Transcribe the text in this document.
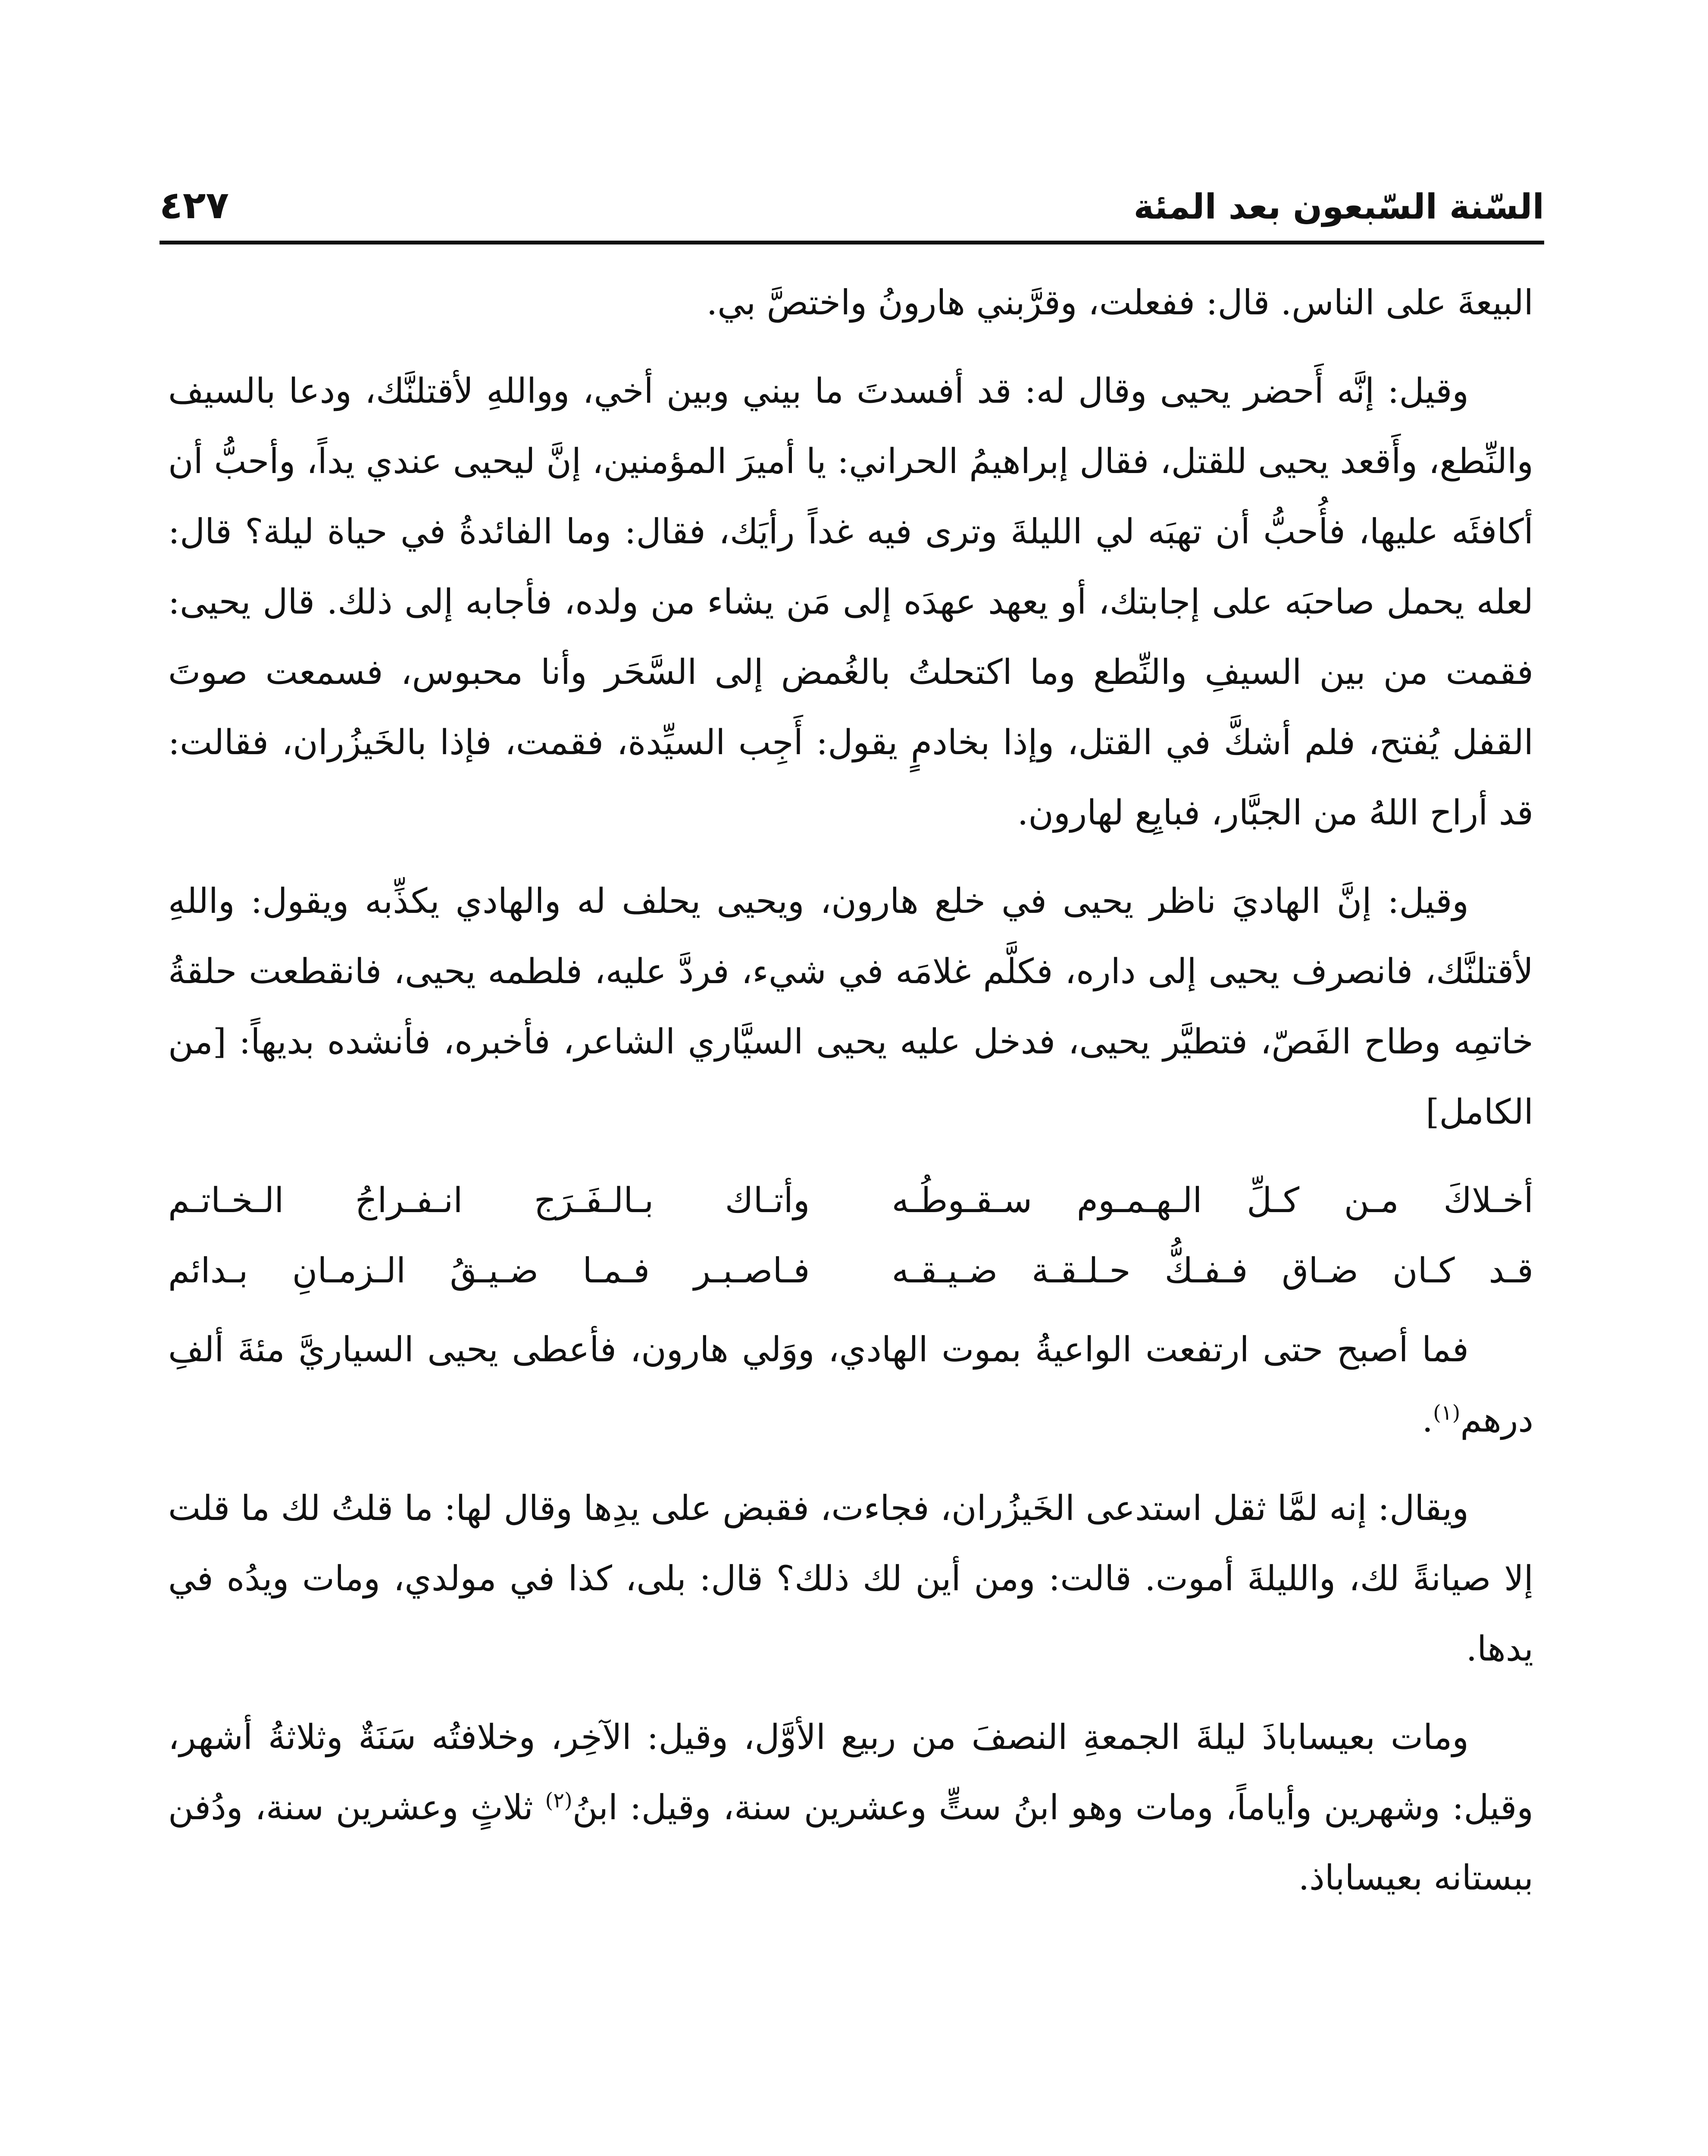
السّنة السّبعون بعد المئة
٤٢٧

البيعةَ على الناس. قال: ففعلت، وقرَّبني هارونُ واختصَّ بي.

وقيل: إنَّه أَحضر يحيى وقال له: قد أفسدتَ ما بيني وبين أخي، وواللهِ لأقتلنَّك، ودعا بالسيف والنِّطع، وأَقعد يحيى للقتل، فقال إبراهيمُ الحراني: يا أميرَ المؤمنين، إنَّ ليحيى عندي يداً، وأحبُّ أن أكافئَه عليها، فأُحبُّ أن تهبَه لي الليلةَ وترى فيه غداً رأيَك، فقال: وما الفائدةُ في حياة ليلة؟ قال: لعله يحمل صاحبَه على إجابتك، أو يعهد عهدَه إلى مَن يشاء من ولده، فأجابه إلى ذلك. قال يحيى: فقمت من بين السيفِ والنِّطع وما اكتحلتُ بالغُمض إلى السَّحَر وأنا محبوس، فسمعت صوتَ القفل يُفتح، فلم أشكَّ في القتل، وإذا بخادمٍ يقول: أَجِب السيِّدة، فقمت، فإذا بالخَيزُران، فقالت: قد أراح اللهُ من الجبَّار، فبايِع لهارون.

وقيل: إنَّ الهاديَ ناظر يحيى في خلع هارون، ويحيى يحلف له والهادي يكذِّبه ويقول: واللهِ لأقتلنَّك، فانصرف يحيى إلى داره، فكلَّم غلامَه في شيء، فردَّ عليه، فلطمه يحيى، فانقطعت حلقةُ خاتمِه وطاح الفَصّ، فتطيَّر يحيى، فدخل عليه يحيى السيَّاري الشاعر، فأخبره، فأنشده بديهاً: [من الكامل]

أخـلاكَ مـن كـلِّ الـهـمـوم سـقـوطُـه
وأتـاك بـالـفَـرَج انـفـراجُ الـخـاتـم
قـد كـان ضـاق فـفـكُّ حـلـقـة ضـيـقـه
فـاصـبـر فـمـا ضـيـقُ الـزمـانِ بـدائم

فما أصبح حتى ارتفعت الواعيةُ بموت الهادي، ووَلي هارون، فأعطى يحيى السياريَّ مئةَ ألفِ درهم$^{(١)}$.

ويقال: إنه لمَّا ثقل استدعى الخَيزُران، فجاءت، فقبض على يدِها وقال لها: ما قلتُ لك ما قلت إلا صيانةً لك، والليلةَ أموت. قالت: ومن أين لك ذلك؟ قال: بلى، كذا في مولدي، ومات ويدُه في يدها.

ومات بعيساباذَ ليلةَ الجمعةِ النصفَ من ربيع الأوَّل، وقيل: الآخِر، وخلافتُه سَنَةٌ وثلاثةُ أشهر، وقيل: وشهرين وأياماً، ومات وهو ابنُ ستٍّ وعشرين سنة، وقيل: ابنُ$^{(٢)}$ ثلاثٍ وعشرين سنة، ودُفن ببستانه بعيساباذ.
